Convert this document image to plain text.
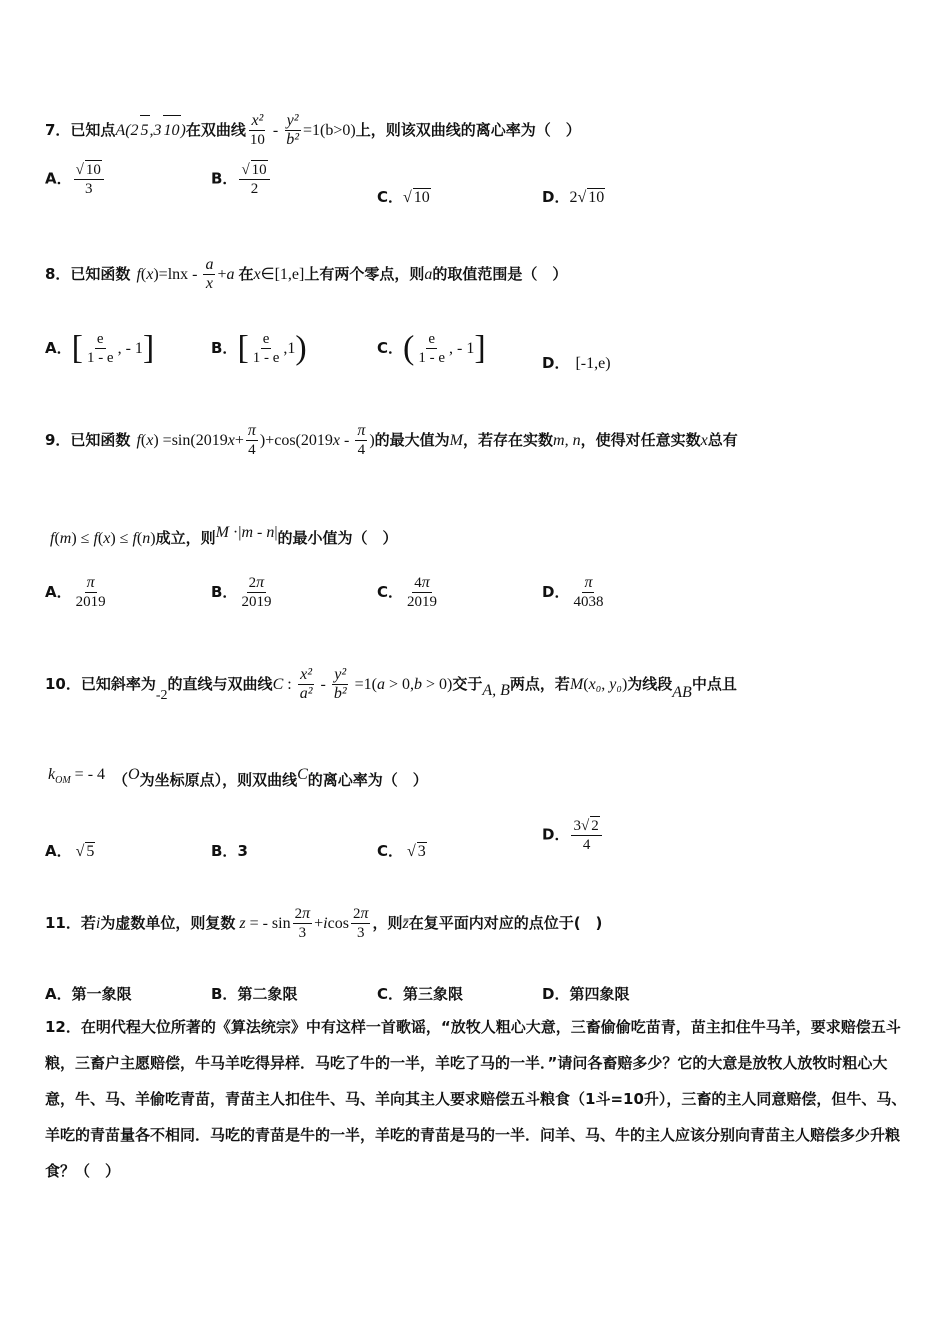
7．已知点A(2 5,3 10)在双曲线 $\frac{\text{x²}}{10} - \frac{\text{y²}}{\text{b²}} =1(b>0)$上，则该双曲线的离心率为（　）
A． $\frac{√ 10}{3}$	B． $\frac{√ 10}{2}$	C．√ 10	D．2√ 10
8．已知函数 $f(x)=\ln x - \frac{a}{x} +a$ 在x∈[1,e]上有两个零点，则a的取值范围是（　）
A．[ $\frac{e}{1 - e}$ , - 1]	B．[ $\frac{e}{1 - e} ,1$)	C．( $\frac{e}{1 - e}$ , - 1]	D． [-1,e)
9．已知函数 $f(x) =\sin(2019x+ \frac{\pi}{4} )+\cos(2019x - \frac{\pi}{4}$ )的最大值为M，若存在实数m, n，使得对任意实数x总有
f(m) ≤ f(x) ≤ f(n)成立，则M ·|m - n|的最小值为（　）
A． $\frac{\pi}{2019}$	B． $\frac{2\pi}{2019}$	C． $\frac{4\pi}{2019}$	D． $\frac{\pi}{4038}$
10．已知斜率为-2的直线与双曲线C : $\frac{\text{x²}}{\text{a²}} - \frac{\text{y²}}{\text{b²}} =1(a > 0,b > 0)$交于A, B两点，若M(x₀, y₀)为线段AB中点且
$k_{OM}$ = - 4 （O为坐标原点），则双曲线C的离心率为（　）
A． √ 5	B．3	C． √ 3
D． $\frac{3√ 2}{4}$
11．若i为虚数单位，则复数 z = - $\sin \frac{2\pi}{3} +icos \frac{2\pi}{3}$ ，则z̄在复平面内对应的点位于(　)
A．第一象限	B．第二象限	C．第三象限	D．第四象限
12．在明代程大位所著的《算法统宗》中有这样一首歌谣，“放牧人粗心大意，三畜偷偷吃苗青，苗主扣住牛马羊，要求赔偿五斗粮，三畜户主愿赔偿，牛马羊吃得异样．马吃了牛的一半，羊吃了马的一半．”请问各畜赔多少？它的大意是放牧人放牧时粗心大意，牛、马、羊偷吃青苗，青苗主人扣住牛、马、羊向其主人要求赔偿五斗粮食（1斗=10升），三畜的主人同意赔偿，但牛、马、羊吃的青苗量各不相同．马吃的青苗是牛的一半，羊吃的青苗是马的一半．问羊、马、牛的主人应该分别向青苗主人赔偿多少升粮食？（　）
